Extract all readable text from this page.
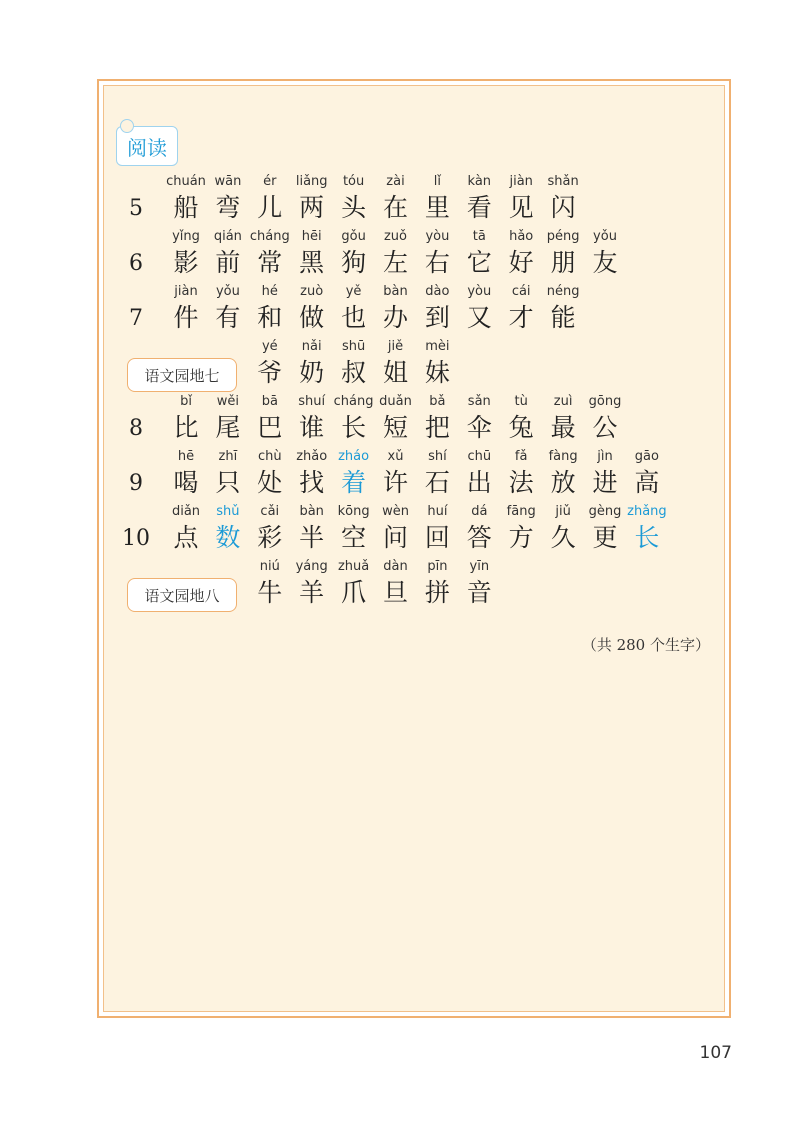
阅读
5
chuán
船
wān
弯
ér
儿
liǎng
两
tóu
头
zài
在
lǐ
里
kàn
看
jiàn
见
shǎn
闪
6
yǐng
影
qián
前
cháng
常
hēi
黑
gǒu
狗
zuǒ
左
yòu
右
tā
它
hǎo
好
péng
朋
yǒu
友
7
jiàn
件
yǒu
有
hé
和
zuò
做
yě
也
bàn
办
dào
到
yòu
又
cái
才
néng
能
语文园地七
yé
爷
nǎi
奶
shū
叔
jiě
姐
mèi
妹
8
bǐ
比
wěi
尾
bā
巴
shuí
谁
cháng
长
duǎn
短
bǎ
把
sǎn
伞
tù
兔
zuì
最
gōng
公
9
hē
喝
zhī
只
chù
处
zhǎo
找
zháo
着
xǔ
许
shí
石
chū
出
fǎ
法
fàng
放
jìn
进
gāo
高
10
diǎn
点
shǔ
数
cǎi
彩
bàn
半
kōng
空
wèn
问
huí
回
dá
答
fāng
方
jiǔ
久
gèng
更
zhǎng
长
语文园地八
niú
牛
yáng
羊
zhuǎ
爪
dàn
旦
pīn
拼
yīn
音
（共 280 个生字）
107
